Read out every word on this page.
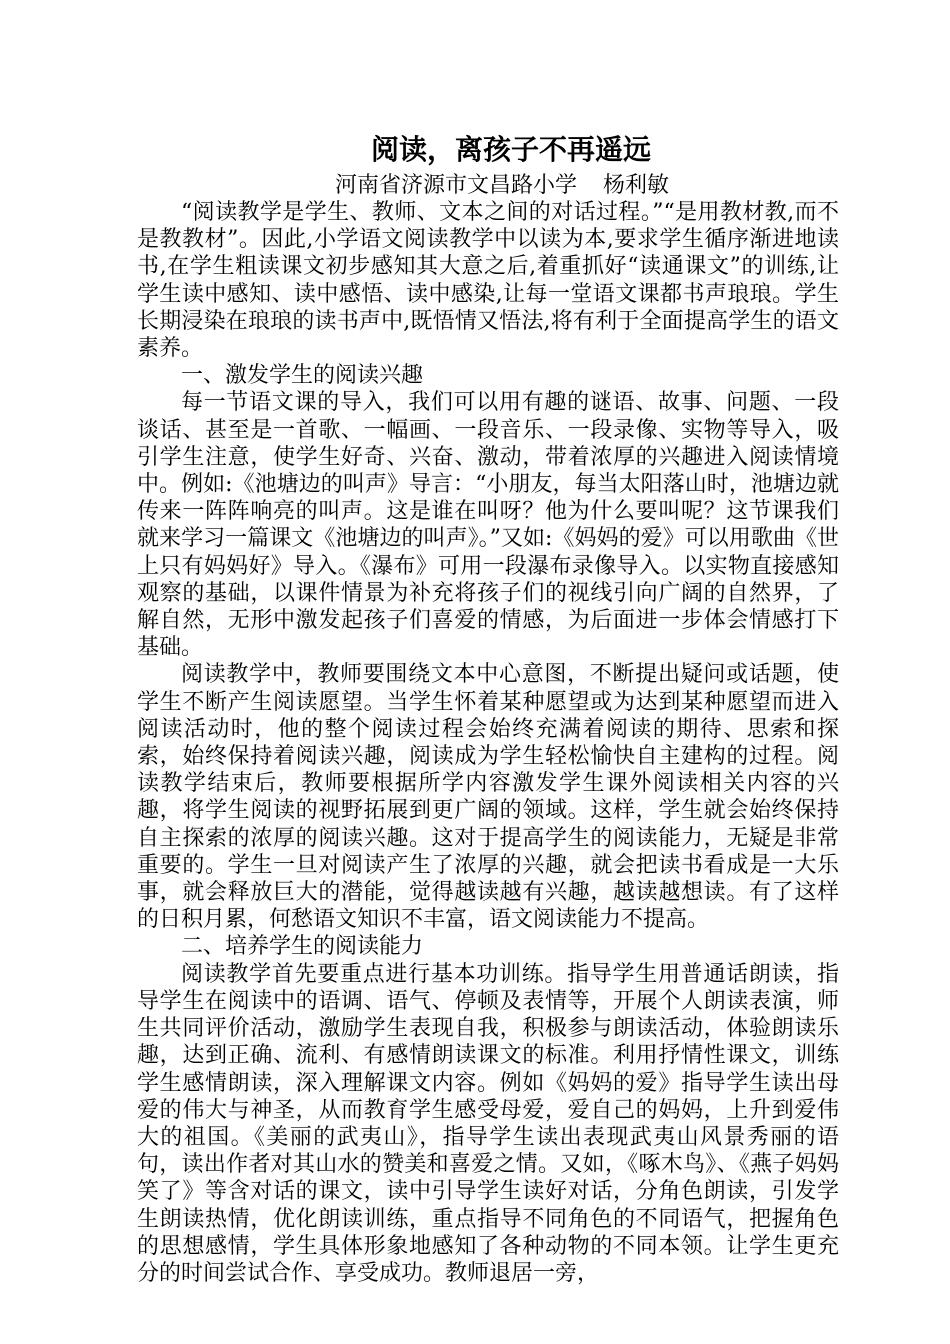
阅读，离孩子不再遥远

河南省济源市文昌路小学 杨利敏

“阅读教学是学生、教师、文本之间的对话过程。”“是用教材教,而不是教教材”。因此,小学语文阅读教学中以读为本,要求学生循序渐进地读书,在学生粗读课文初步感知其大意之后,着重抓好“读通课文”的训练,让学生读中感知、读中感悟、读中感染,让每一堂语文课都书声琅琅。学生长期浸染在琅琅的读书声中,既悟情又悟法,将有利于全面提高学生的语文素养。

一、激发学生的阅读兴趣

每一节语文课的导入，我们可以用有趣的谜语、故事、问题、一段谈话、甚至是一首歌、一幅画、一段音乐、一段录像、实物等导入，吸引学生注意，使学生好奇、兴奋、激动，带着浓厚的兴趣进入阅读情境中。例如:《池塘边的叫声》导言：“小朋友，每当太阳落山时，池塘边就传来一阵阵响亮的叫声。这是谁在叫呀？他为什么要叫呢？这节课我们就来学习一篇课文《池塘边的叫声》。”又如:《妈妈的爱》可以用歌曲《世上只有妈妈好》导入。《瀑布》可用一段瀑布录像导入。以实物直接感知观察的基础，以课件情景为补充将孩子们的视线引向广阔的自然界，了解自然，无形中激发起孩子们喜爱的情感，为后面进一步体会情感打下基础。

阅读教学中，教师要围绕文本中心意图，不断提出疑问或话题，使学生不断产生阅读愿望。当学生怀着某种愿望或为达到某种愿望而进入阅读活动时，他的整个阅读过程会始终充满着阅读的期待、思索和探索，始终保持着阅读兴趣，阅读成为学生轻松愉快自主建构的过程。阅读教学结束后，教师要根据所学内容激发学生课外阅读相关内容的兴趣，将学生阅读的视野拓展到更广阔的领域。这样，学生就会始终保持自主探索的浓厚的阅读兴趣。这对于提高学生的阅读能力，无疑是非常重要的。学生一旦对阅读产生了浓厚的兴趣，就会把读书看成是一大乐事，就会释放巨大的潜能，觉得越读越有兴趣，越读越想读。有了这样的日积月累，何愁语文知识不丰富，语文阅读能力不提高。

二、培养学生的阅读能力

阅读教学首先要重点进行基本功训练。指导学生用普通话朗读，指导学生在阅读中的语调、语气、停顿及表情等，开展个人朗读表演，师生共同评价活动，激励学生表现自我，积极参与朗读活动，体验朗读乐趣，达到正确、流利、有感情朗读课文的标准。利用抒情性课文，训练学生感情朗读，深入理解课文内容。例如《妈妈的爱》指导学生读出母爱的伟大与神圣，从而教育学生感受母爱，爱自己的妈妈，上升到爱伟大的祖国。《美丽的武夷山》，指导学生读出表现武夷山风景秀丽的语句，读出作者对其山水的赞美和喜爱之情。又如，《啄木鸟》、《燕子妈妈笑了》等含对话的课文，读中引导学生读好对话，分角色朗读，引发学生朗读热情，优化朗读训练，重点指导不同角色的不同语气，把握角色的思想感情，学生具体形象地感知了各种动物的不同本领。让学生更充分的时间尝试合作、享受成功。教师退居一旁，
